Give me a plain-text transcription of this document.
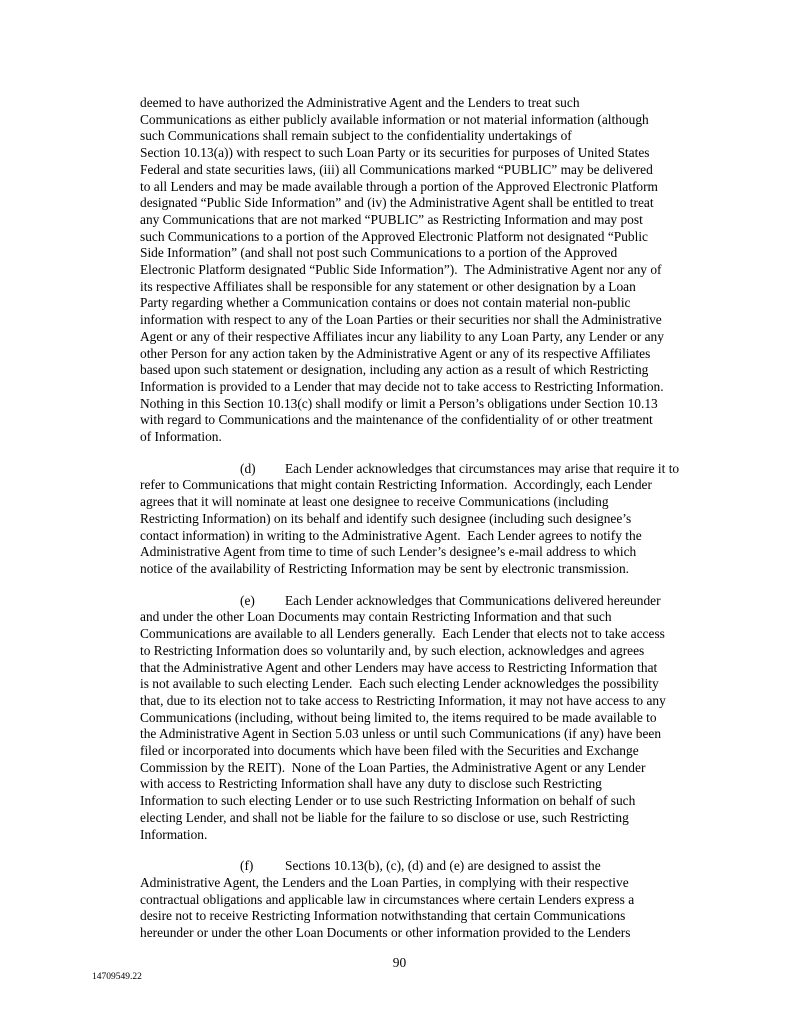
deemed to have authorized the Administrative Agent and the Lenders to treat such
Communications as either publicly available information or not material information (although
such Communications shall remain subject to the confidentiality undertakings of
Section 10.13(a)) with respect to such Loan Party or its securities for purposes of United States
Federal and state securities laws, (iii) all Communications marked “PUBLIC” may be delivered
to all Lenders and may be made available through a portion of the Approved Electronic Platform
designated “Public Side Information” and (iv) the Administrative Agent shall be entitled to treat
any Communications that are not marked “PUBLIC” as Restricting Information and may post
such Communications to a portion of the Approved Electronic Platform not designated “Public
Side Information” (and shall not post such Communications to a portion of the Approved
Electronic Platform designated “Public Side Information”).  The Administrative Agent nor any of
its respective Affiliates shall be responsible for any statement or other designation by a Loan
Party regarding whether a Communication contains or does not contain material non-public
information with respect to any of the Loan Parties or their securities nor shall the Administrative
Agent or any of their respective Affiliates incur any liability to any Loan Party, any Lender or any
other Person for any action taken by the Administrative Agent or any of its respective Affiliates
based upon such statement or designation, including any action as a result of which Restricting
Information is provided to a Lender that may decide not to take access to Restricting Information.
Nothing in this Section 10.13(c) shall modify or limit a Person’s obligations under Section 10.13
with regard to Communications and the maintenance of the confidentiality of or other treatment
of Information.
(d) Each Lender acknowledges that circumstances may arise that require it to
refer to Communications that might contain Restricting Information.  Accordingly, each Lender
agrees that it will nominate at least one designee to receive Communications (including
Restricting Information) on its behalf and identify such designee (including such designee’s
contact information) in writing to the Administrative Agent.  Each Lender agrees to notify the
Administrative Agent from time to time of such Lender’s designee’s e-mail address to which
notice of the availability of Restricting Information may be sent by electronic transmission.
(e) Each Lender acknowledges that Communications delivered hereunder
and under the other Loan Documents may contain Restricting Information and that such
Communications are available to all Lenders generally.  Each Lender that elects not to take access
to Restricting Information does so voluntarily and, by such election, acknowledges and agrees
that the Administrative Agent and other Lenders may have access to Restricting Information that
is not available to such electing Lender.  Each such electing Lender acknowledges the possibility
that, due to its election not to take access to Restricting Information, it may not have access to any
Communications (including, without being limited to, the items required to be made available to
the Administrative Agent in Section 5.03 unless or until such Communications (if any) have been
filed or incorporated into documents which have been filed with the Securities and Exchange
Commission by the REIT).  None of the Loan Parties, the Administrative Agent or any Lender
with access to Restricting Information shall have any duty to disclose such Restricting
Information to such electing Lender or to use such Restricting Information on behalf of such
electing Lender, and shall not be liable for the failure to so disclose or use, such Restricting
Information.
(f) Sections 10.13(b), (c), (d) and (e) are designed to assist the
Administrative Agent, the Lenders and the Loan Parties, in complying with their respective
contractual obligations and applicable law in circumstances where certain Lenders express a
desire not to receive Restricting Information notwithstanding that certain Communications
hereunder or under the other Loan Documents or other information provided to the Lenders
90
14709549.22
